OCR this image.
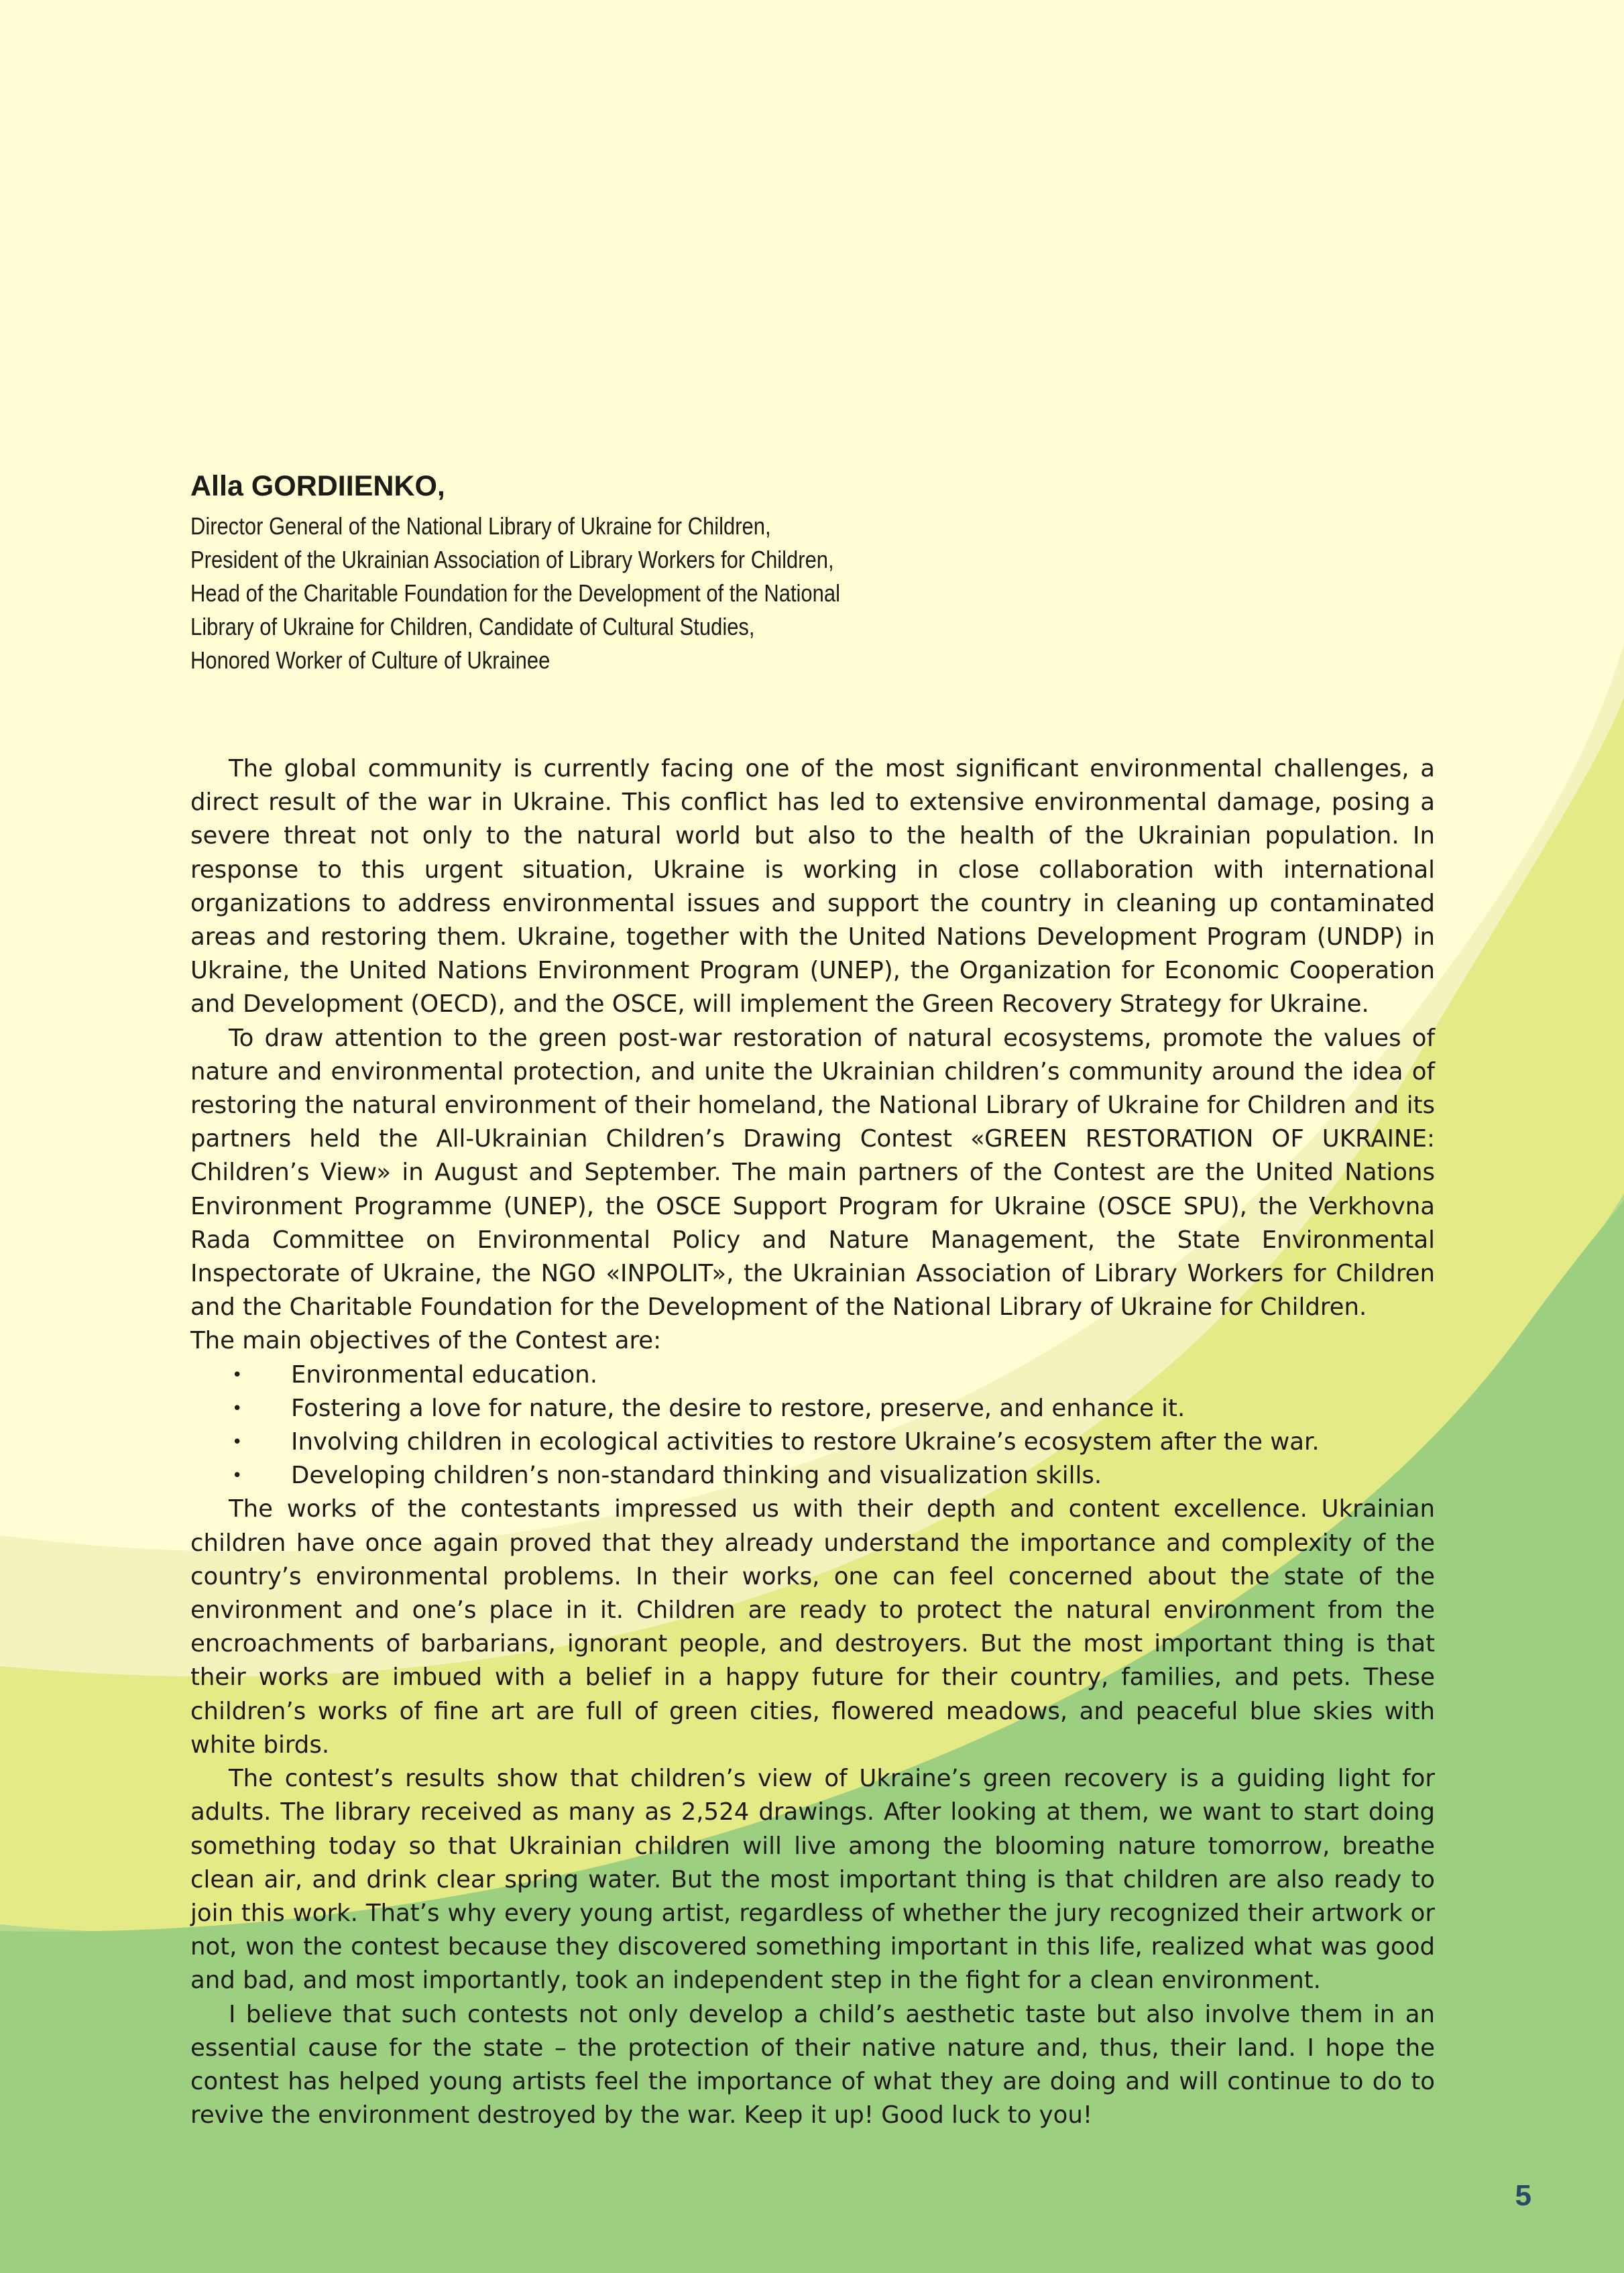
Alla GORDIIENKO,
Director General of the National Library of Ukraine for Children,
President of the Ukrainian Association of Library Workers for Children,
Head of the Charitable Foundation for the Development of the National
Library of Ukraine for Children, Candidate of Cultural Studies,
Honored Worker of Culture of Ukrainee

The global community is currently facing one of the most significant environmental challenges, a direct result of the war in Ukraine. This conflict has led to extensive environmental damage, posing a severe threat not only to the natural world but also to the health of the Ukrainian population. In response to this urgent situation, Ukraine is working in close collaboration with international organizations to address environmental issues and support the country in cleaning up contaminated areas and restoring them. Ukraine, together with the United Nations Development Program (UNDP) in Ukraine, the United Nations Environment Program (UNEP), the Organization for Economic Cooperation and Development (OECD), and the OSCE, will implement the Green Recovery Strategy for Ukraine.

To draw attention to the green post-war restoration of natural ecosystems, promote the values of nature and environmental protection, and unite the Ukrainian children’s community around the idea of restoring the natural environment of their homeland, the National Library of Ukraine for Children and its partners held the All-Ukrainian Children’s Drawing Contest «GREEN RESTORATION OF UKRAINE: Children’s View» in August and September. The main partners of the Contest are the United Nations Environment Programme (UNEP), the OSCE Support Program for Ukraine (OSCE SPU), the Verkhovna Rada Committee on Environmental Policy and Nature Management, the State Environmental Inspectorate of Ukraine, the NGO «INPOLIT», the Ukrainian Association of Library Workers for Children and the Charitable Foundation for the Development of the National Library of Ukraine for Children.

The main objectives of the Contest are:

• Environmental education.
• Fostering a love for nature, the desire to restore, preserve, and enhance it.
• Involving children in ecological activities to restore Ukraine’s ecosystem after the war.
• Developing children’s non-standard thinking and visualization skills.

The works of the contestants impressed us with their depth and content excellence. Ukrainian children have once again proved that they already understand the importance and complexity of the country’s environmental problems. In their works, one can feel concerned about the state of the environment and one’s place in it. Children are ready to protect the natural environment from the encroachments of barbarians, ignorant people, and destroyers. But the most important thing is that their works are imbued with a belief in a happy future for their country, families, and pets. These children’s works of fine art are full of green cities, flowered meadows, and peaceful blue skies with white birds.

The contest’s results show that children’s view of Ukraine’s green recovery is a guiding light for adults. The library received as many as 2,524 drawings. After looking at them, we want to start doing something today so that Ukrainian children will live among the blooming nature tomorrow, breathe clean air, and drink clear spring water. But the most important thing is that children are also ready to join this work. That’s why every young artist, regardless of whether the jury recognized their artwork or not, won the contest because they discovered something important in this life, realized what was good and bad, and most importantly, took an independent step in the fight for a clean environment.

I believe that such contests not only develop a child’s aesthetic taste but also involve them in an essential cause for the state – the protection of their native nature and, thus, their land. I hope the contest has helped young artists feel the importance of what they are doing and will continue to do to revive the environment destroyed by the war. Keep it up! Good luck to you!

5
